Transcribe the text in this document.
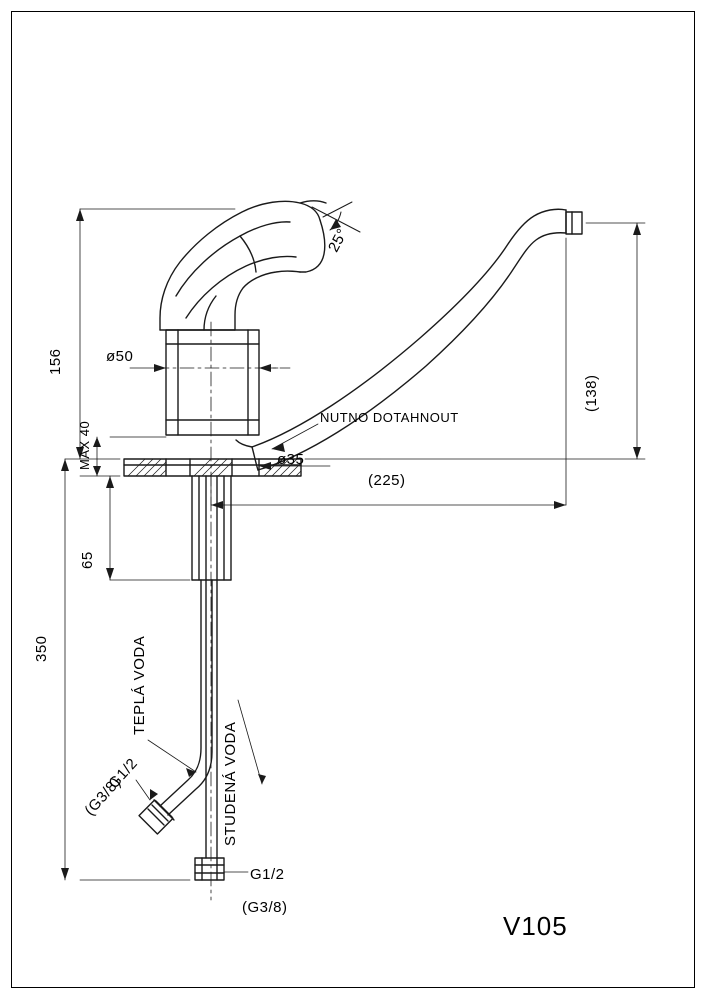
156
350
65
MAX 40
ø50
ø35
(225)
(138)
25°
NUTNO DOTAHNOUT
TEPLÁ VODA
STUDENÁ VODA
G1/2
(G3/8)
G1/2
(G3/8)
V105
